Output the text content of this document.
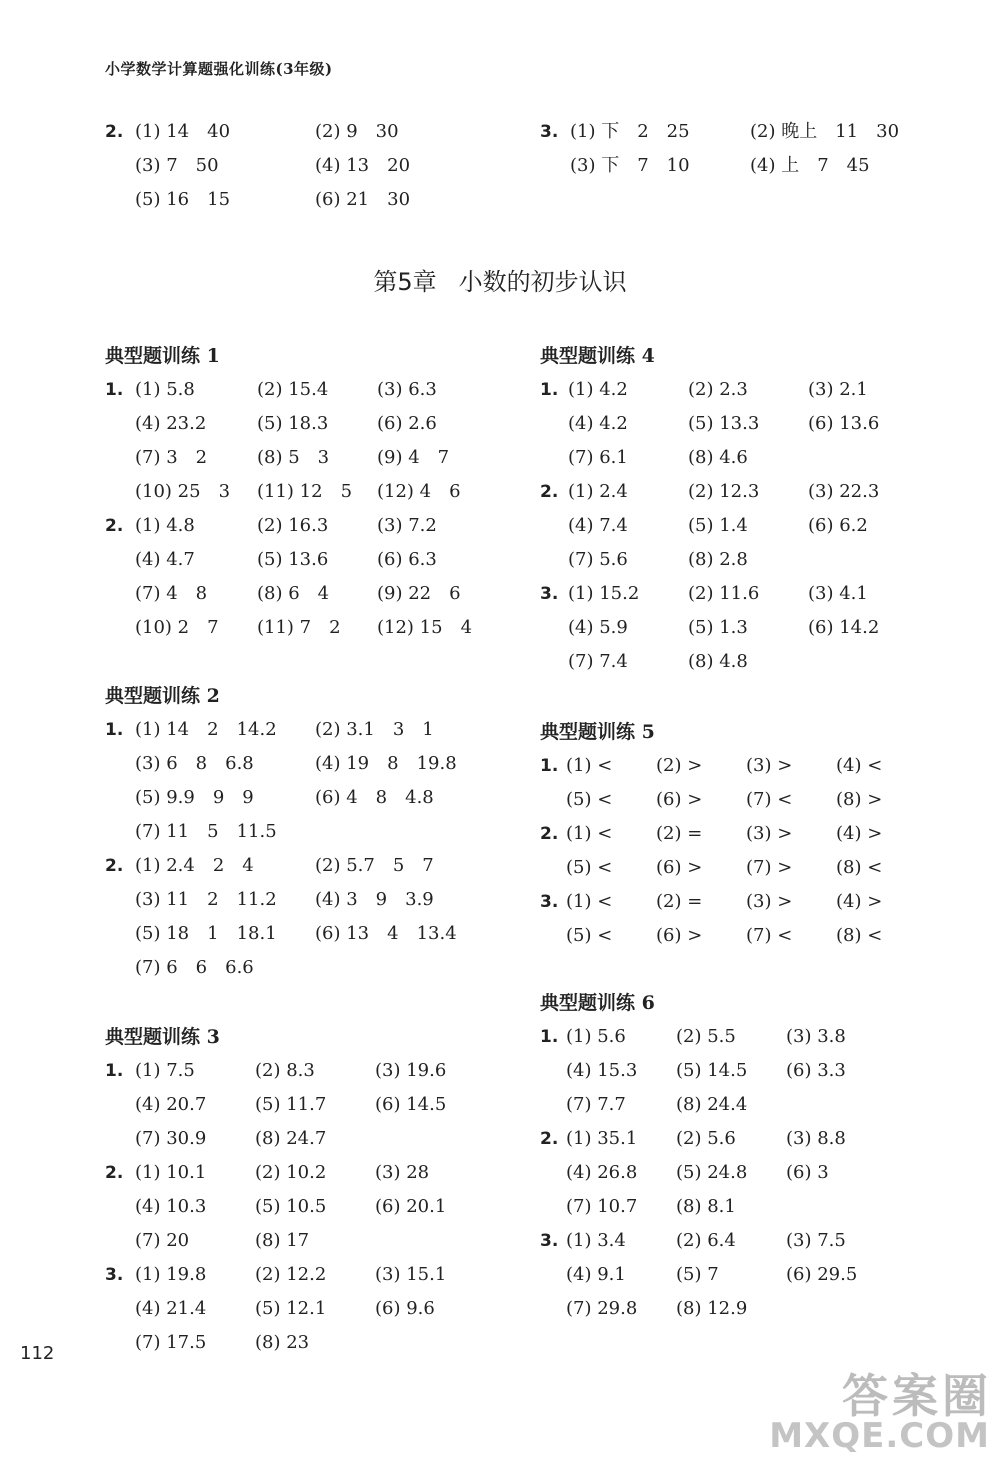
小学数学计算题强化训练(3年级)
第5章 小数的初步认识
2. (1) 14　40	(2) 9　30
(3) 7　50	(4) 13　20
(5) 16　15	(6) 21　30
3. (1) 下　2　25	(2) 晚上　11　30
(3) 下　7　10	(4) 上　7　45
典型题训练 1
1. (1) 5.8	(2) 15.4	(3) 6.3
(4) 23.2	(5) 18.3	(6) 2.6
(7) 3　2	(8) 5　3	(9) 4　7
(10) 25　3 (11) 12　5 (12) 4　6
2. (1) 4.8	(2) 16.3	(3) 7.2
(4) 4.7	(5) 13.6	(6) 6.3
(7) 4　8	(8) 6　4	(9) 22　6
(10) 2　7 (11) 7　2 (12) 15　4
典型题训练 2
1. (1) 14　2　14.2 (2) 3.1　3　1
(3) 6　8　6.8	(4) 19　8　19.8
(5) 9.9　9　9	(6) 4　8　4.8
(7) 11　5　11.5
2. (1) 2.4　2　4	(2) 5.7　5　7
(3) 11　2　11.2 (4) 3　9　3.9
(5) 18　1　18.1 (6) 13　4　13.4
(7) 6　6　6.6
典型题训练 3
1. (1) 7.5	(2) 8.3	(3) 19.6
(4) 20.7	(5) 11.7	(6) 14.5
(7) 30.9	(8) 24.7
2. (1) 10.1	(2) 10.2	(3) 28
(4) 10.3	(5) 10.5	(6) 20.1
(7) 20	(8) 17
3. (1) 19.8	(2) 12.2	(3) 15.1
(4) 21.4	(5) 12.1	(6) 9.6
(7) 17.5	(8) 23
典型题训练 4
1. (1) 4.2	(2) 2.3	(3) 2.1
(4) 4.2	(5) 13.3	(6) 13.6
(7) 6.1	(8) 4.6
2. (1) 2.4	(2) 12.3	(3) 22.3
(4) 7.4	(5) 1.4	(6) 6.2
(7) 5.6	(8) 2.8
3. (1) 15.2	(2) 11.6	(3) 4.1
(4) 5.9	(5) 1.3	(6) 14.2
(7) 7.4	(8) 4.8
典型题训练 5
1. (1) < (2) > (3) > (4) <
(5) < (6) > (7) < (8) >
2. (1) < (2) = (3) > (4) >
(5) < (6) > (7) > (8) <
3. (1) < (2) = (3) > (4) >
(5) < (6) > (7) < (8) <
典型题训练 6
1. (1) 5.6	(2) 5.5	(3) 3.8
(4) 15.3 (5) 14.5 (6) 3.3
(7) 7.7	(8) 24.4
2. (1) 35.1 (2) 5.6	(3) 8.8
(4) 26.8 (5) 24.8 (6) 3
(7) 10.7 (8) 8.1
3. (1) 3.4	(2) 6.4	(3) 7.5
(4) 9.1	(5) 7	(6) 29.5
(7) 29.8 (8) 12.9
112
答案圈
MXQE.COM
